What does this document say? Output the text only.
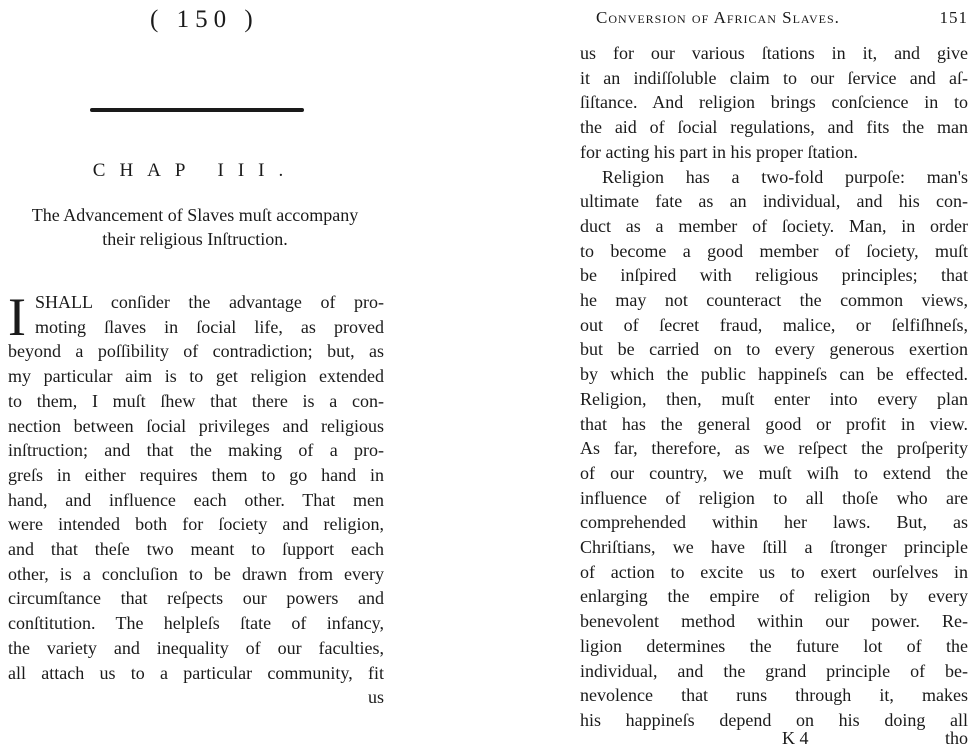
( 150 )
CHAP III.
The Advancement of Slaves muſt accompany
their religious Inſtruction.
I SHALL conſider the advantage of pro-
moting ſlaves in ſocial life, as proved
beyond a poſſibility of contradiction; but, as
my particular aim is to get religion extended
to them, I muſt ſhew that there is a con-
nection between ſocial privileges and religious
inſtruction; and that the making of a pro-
greſs in either requires them to go hand in
hand, and influence each other. That men
were intended both for ſociety and religion,
and that theſe two meant to ſupport each
other, is a concluſion to be drawn from every
circumſtance that reſpects our powers and
conſtitution. The helpleſs ſtate of infancy,
the variety and inequality of our faculties,
all attach us to a particular community, fit
us
Conversion of African Slaves.	151
us for our various ſtations in it, and give
it an indiſſoluble claim to our ſervice and aſ-
ſiſtance. And religion brings conſcience in to
the aid of ſocial regulations, and fits the man
for acting his part in his proper ſtation.
Religion has a two-fold purpoſe: man's
ultimate fate as an individual, and his con-
duct as a member of ſociety. Man, in order
to become a good member of ſociety, muſt
be inſpired with religious principles; that
he may not counteract the common views,
out of ſecret fraud, malice, or ſelfiſhneſs,
but be carried on to every generous exertion
by which the public happineſs can be effected.
Religion, then, muſt enter into every plan
that has the general good or profit in view.
As far, therefore, as we reſpect the proſperity
of our country, we muſt wiſh to extend the
influence of religion to all thoſe who are
comprehended within her laws. But, as
Chriſtians, we have ſtill a ſtronger principle
of action to excite us to exert ourſelves in
enlarging the empire of religion by every
benevolent method within our power. Re-
ligion determines the future lot of the
individual, and the grand principle of be-
nevolence that runs through it, makes
his happineſs depend on his doing all
K 4	tho
